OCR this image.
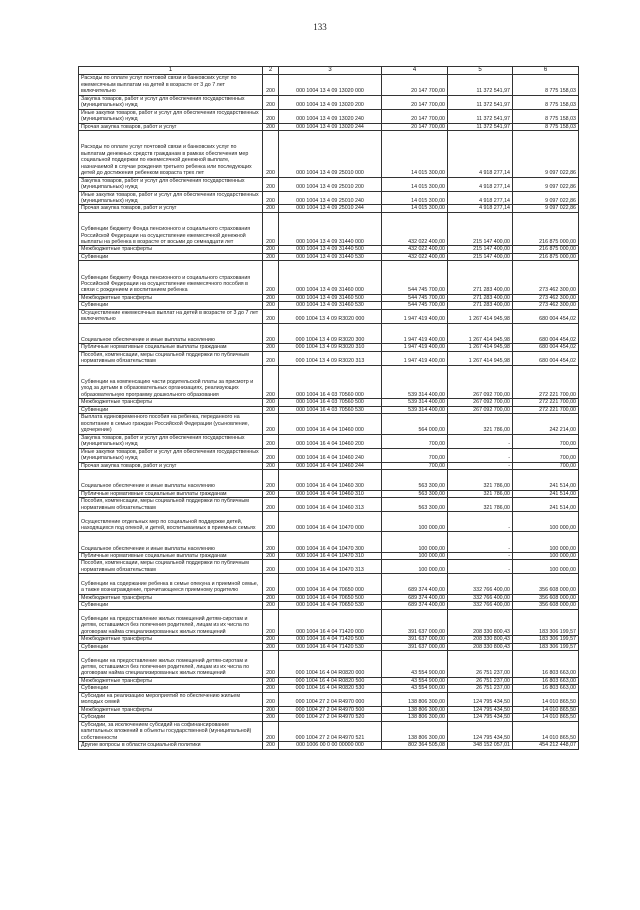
133
1	2	3	4	5	6
Расходы по оплате услуг почтовой связи и банковских услуг по ежемесячным выплатам на детей в возрасте от 3 до 7 лет включительно	200	000 1004 13 4 09 13020 000	20 147 700,00	11 372 541,97	8 775 158,03
Закупка товаров, работ и услуг для обеспечения государственных (муниципальных) нужд	200	000 1004 13 4 09 13020 200	20 147 700,00	11 372 541,97	8 775 158,03
Иные закупки товаров, работ и услуг для обеспечения государственных (муниципальных) нужд	200	000 1004 13 4 09 13020 240	20 147 700,00	11 372 541,97	8 775 158,03
Прочая закупка товаров, работ и услуг	200	000 1004 13 4 09 13020 244	20 147 700,00	11 372 541,97	8 775 158,03
Расходы по оплате услуг почтовой связи и банковских услуг по выплатам денежных средств гражданам в рамках обеспечения мер социальной поддержки по ежемесячной денежной выплате, назначаемой в случае рождения третьего ребенка или последующих детей до достижения ребенком возраста трех лет	200	000 1004 13 4 09 25010 000	14 015 300,00	4 918 277,14	9 097 022,86
Закупка товаров, работ и услуг для обеспечения государственных (муниципальных) нужд	200	000 1004 13 4 09 25010 200	14 015 300,00	4 918 277,14	9 097 022,86
Иные закупки товаров, работ и услуг для обеспечения государственных (муниципальных) нужд	200	000 1004 13 4 09 25010 240	14 015 300,00	4 918 277,14	9 097 022,86
Прочая закупка товаров, работ и услуг	200	000 1004 13 4 09 25010 244	14 015 300,00	4 918 277,14	9 097 022,86
Субвенции бюджету Фонда пенсионного и социального страхования Российской Федерации на осуществление ежемесячной денежной выплаты на ребенка в возрасте от восьми до семнадцати лет	200	000 1004 13 4 09 31440 000	432 022 400,00	215 147 400,00	216 875 000,00
Межбюджетные трансферты	200	000 1004 13 4 09 31440 500	432 022 400,00	215 147 400,00	216 875 000,00
Субвенции	200	000 1004 13 4 09 31440 530	432 022 400,00	215 147 400,00	216 875 000,00
Субвенции бюджету Фонда пенсионного и социального страхования Российской Федерации на осуществление ежемесячного пособия в связи с рождением и воспитанием ребенка	200	000 1004 13 4 09 31460 000	544 745 700,00	271 283 400,00	273 462 300,00
Межбюджетные трансферты	200	000 1004 13 4 09 31460 500	544 745 700,00	271 283 400,00	273 462 300,00
Субвенции	200	000 1004 13 4 09 31460 530	544 745 700,00	271 283 400,00	273 462 300,00
Осуществление ежемесячных выплат на детей в возрасте от 3 до 7 лет включительно	200	000 1004 13 4 09 R3020 000	1 947 419 400,00	1 267 414 945,98	680 004 454,02
Социальное обеспечение и иные выплаты населению	200	000 1004 13 4 09 R3020 300	1 947 419 400,00	1 267 414 945,98	680 004 454,02
Публичные нормативные социальные выплаты гражданам	200	000 1004 13 4 09 R3020 310	1 947 419 400,00	1 267 414 945,98	680 004 454,02
Пособия, компенсации, меры социальной поддержки по публичным нормативным обязательствам	200	000 1004 13 4 09 R3020 313	1 947 419 400,00	1 267 414 945,98	680 004 454,02
Субвенции на компенсацию части родительской платы за присмотр и уход за детьми в образовательных организациях, реализующих образовательную программу дошкольного образования	200	000 1004 16 4 03 70560 000	539 314 400,00	267 092 700,00	272 221 700,00
Межбюджетные трансферты	200	000 1004 16 4 03 70560 500	539 314 400,00	267 092 700,00	272 221 700,00
Субвенции	200	000 1004 16 4 03 70560 530	539 314 400,00	267 092 700,00	272 221 700,00
Выплата единовременного пособия на ребенка, переданного на воспитание в семью граждан Российской Федерации (усыновление, удочерение)	200	000 1004 16 4 04 10460 000	564 000,00	321 786,00	242 214,00
Закупка товаров, работ и услуг для обеспечения государственных (муниципальных) нужд	200	000 1004 16 4 04 10460 200	700,00	-	700,00
Иные закупки товаров, работ и услуг для обеспечения государственных (муниципальных) нужд	200	000 1004 16 4 04 10460 240	700,00	-	700,00
Прочая закупка товаров, работ и услуг	200	000 1004 16 4 04 10460 244	700,00	-	700,00
Социальное обеспечение и иные выплаты населению	200	000 1004 16 4 04 10460 300	563 300,00	321 786,00	241 514,00
Публичные нормативные социальные выплаты гражданам	200	000 1004 16 4 04 10460 310	563 300,00	321 786,00	241 514,00
Пособия, компенсации, меры социальной поддержки по публичным нормативным обязательствам	200	000 1004 16 4 04 10460 313	563 300,00	321 786,00	241 514,00
Осуществление отдельных мер по социальной поддержке детей, находящихся под опекой, и детей, воспитываемых в приемных семьях	200	000 1004 16 4 04 10470 000	100 000,00	-	100 000,00
Социальное обеспечение и иные выплаты населению	200	000 1004 16 4 04 10470 300	100 000,00	-	100 000,00
Публичные нормативные социальные выплаты гражданам	200	000 1004 16 4 04 10470 310	100 000,00	-	100 000,00
Пособия, компенсации, меры социальной поддержки по публичным нормативным обязательствам	200	000 1004 16 4 04 10470 313	100 000,00	-	100 000,00
Субвенции на содержание ребенка в семье опекуна и приемной семье, а также вознаграждение, причитающееся приемному родителю	200	000 1004 16 4 04 70650 000	689 374 400,00	332 766 400,00	356 608 000,00
Межбюджетные трансферты	200	000 1004 16 4 04 70650 500	689 374 400,00	332 766 400,00	356 608 000,00
Субвенции	200	000 1004 16 4 04 70650 530	689 374 400,00	332 766 400,00	356 608 000,00
Субвенции на предоставление жилых помещений детям-сиротам и детям, оставшимся без попечения родителей, лицам из их числа по договорам найма специализированных жилых помещений	200	000 1004 16 4 04 71420 000	391 637 000,00	208 330 800,43	183 306 199,57
Межбюджетные трансферты	200	000 1004 16 4 04 71420 500	391 637 000,00	208 330 800,43	183 306 199,57
Субвенции	200	000 1004 16 4 04 71420 530	391 637 000,00	208 330 800,43	183 306 199,57
Субвенции на предоставление жилых помещений детям-сиротам и детям, оставшимся без попечения родителей, лицам из их числа по договорам найма специализированных жилых помещений	200	000 1004 16 4 04 R0820 000	43 554 900,00	26 751 237,00	16 803 663,00
Межбюджетные трансферты	200	000 1004 16 4 04 R0820 500	43 554 900,00	26 751 237,00	16 803 663,00
Субвенции	200	000 1004 16 4 04 R0820 530	43 554 900,00	26 751 237,00	16 803 663,00
Субсидии на реализацию мероприятий по обеспечению жильем молодых семей	200	000 1004 27 2 04 R4970 000	138 806 300,00	124 795 434,50	14 010 865,50
Межбюджетные трансферты	200	000 1004 27 2 04 R4970 500	138 806 300,00	124 795 434,50	14 010 865,50
Субсидии	200	000 1004 27 2 04 R4970 520	138 806 300,00	124 795 434,50	14 010 865,50
Субсидии, за исключением субсидий на софинансирование капитальных вложений в объекты государственной (муниципальной) собственности	200	000 1004 27 2 04 R4970 521	138 806 300,00	124 795 434,50	14 010 865,50
Другие вопросы в области социальной политики	200	000 1006 00 0 00 00000 000	802 364 505,08	348 152 057,01	454 212 448,07
